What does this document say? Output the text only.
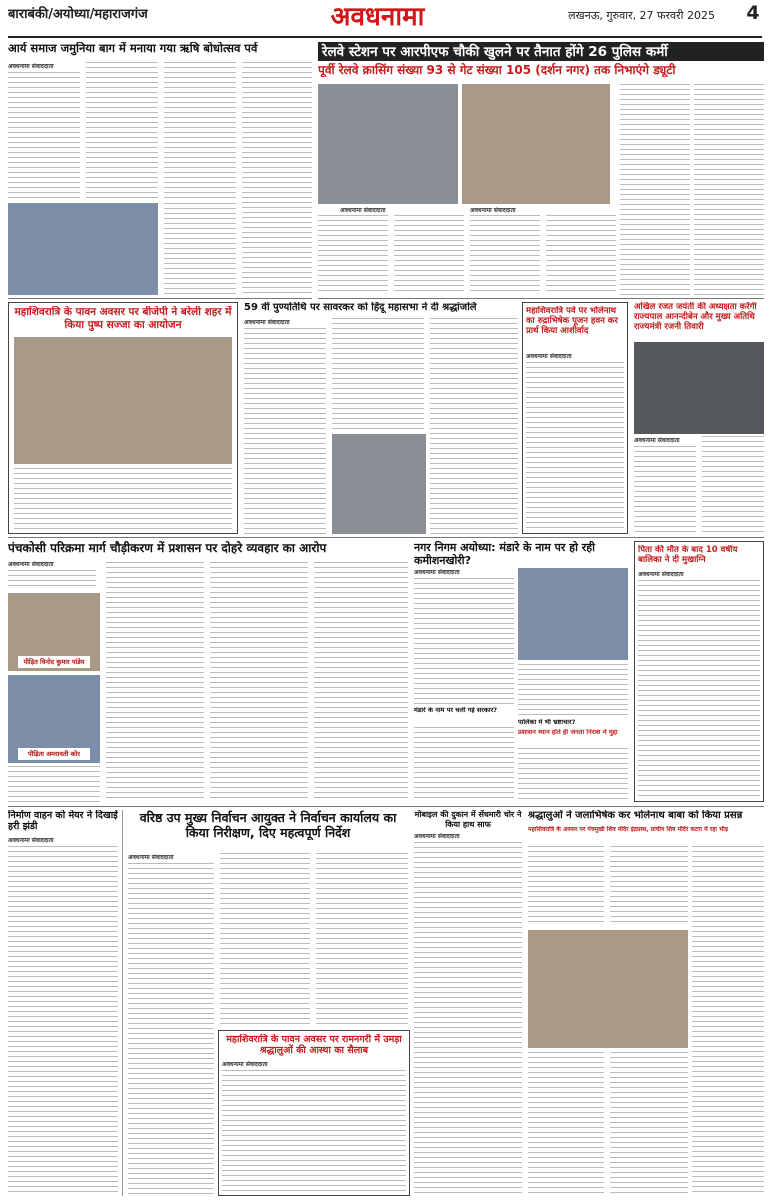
बाराबंकी/अयोध्या/महाराजगंज	अवधनामा	लखनऊ, गुरुवार, 27 फरवरी 2025	4
आर्य समाज जमुनिया बाग में मनाया गया ऋषि बोधोत्सव पर्व
अवधनामा संवाददाता
रेलवे स्टेशन पर आरपीएफ चौकी खुलने पर तैनात होंगे 26 पुलिस कर्मी
पूर्वी रेलवे क्रासिंग संख्या 93 से गेट संख्या 105 (दर्शन नगर) तक निभाएंगे ड्यूटी
अवधनामा संवाददाता	अवधनामा संवाददाता
महाशिवरात्रि के पावन अवसर पर बीजेपी ने बरेली शहर में किया पुष्प सज्जा का आयोजन
59 वीं पुण्यतिथि पर सावरकर को हिंदू महासभा ने दी श्रद्धांजलि
अवधनामा संवाददाता
महाशिवरात्रि पर्व पर भोलेनाथ का रुद्राभिषेक पूजन हवन कर प्रार्थ किया आशीर्वाद
अवधनामा संवाददाता
अखिल रजत जयंती की अध्यक्षता करेंगी राज्यपाल आनन्दीबेन और मुख्य अतिथि राज्यमंत्री रजनी तिवारी
अवधनामा संवाददाता
पंचकोसी परिक्रमा मार्ग चौड़ीकरण में प्रशासन पर दोहरे व्यवहार का आरोप
अवधनामा संवाददाता
पीड़ित विनोद कुमार पांडेय
पीड़िता अमरावती कोर
नगर निगम अयोध्या: मंडारे के नाम पर हो रही कमीशनखोरी?
अवधनामा संवाददाता
मंडारे के नाम पर चली गई सरकार?
पालिका में भी भ्रष्टाचार?
प्रशासन ध्यान होते ही जनता निराश में मुद्दा
पिता की मौत के बाद 10 वर्षीय बालिका ने दी मुखाग्नि
अवधनामा संवाददाता
निर्माण वाहन को मेयर ने दिखाई हरी झंडी
अवधनामा संवाददाता
वरिष्ठ उप मुख्य निर्वाचन आयुक्त ने निर्वाचन कार्यालय का किया निरीक्षण, दिए महत्वपूर्ण निर्देश
अवधनामा संवाददाता
महाशिवरात्रि के पावन अवसर पर रामनगरी में उमड़ा श्रद्धालुओं की आस्था का सैलाब
अवधनामा संवाददाता
मोबाइल की दुकान में सेंधमारी चोर ने किया हाथ साफ
अवधनामा संवाददाता
श्रद्धालुओं ने जलाभिषेक कर भोलेनाथ बाबा को किया प्रसन्न
महाशिवरात्रि के अवसर पर पंचमुखी शिव मंदिर इंद्रप्रस्थ, प्राचीन शिव मंदिर कटरा में रहा भीड़
